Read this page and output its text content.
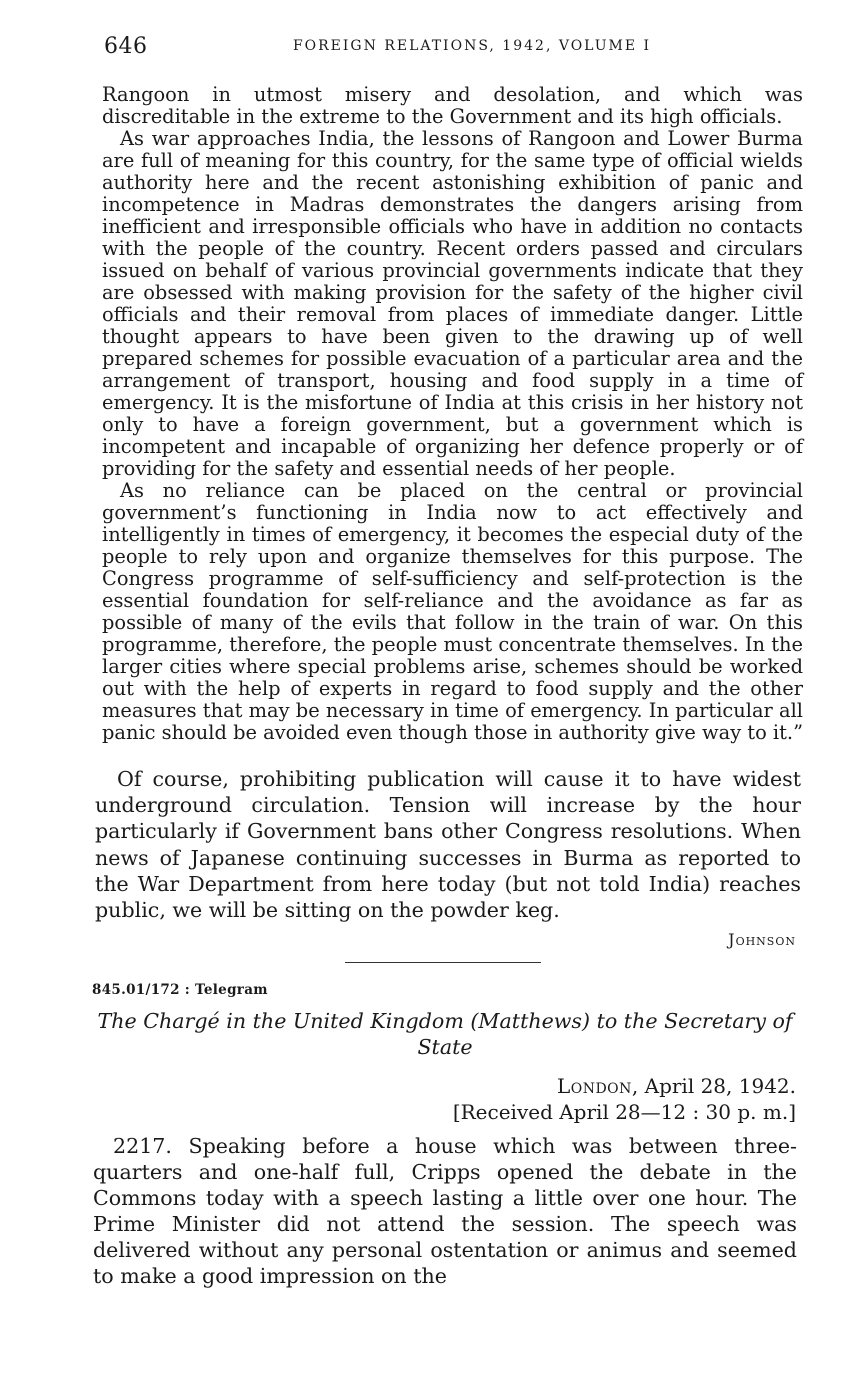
646	FOREIGN RELATIONS, 1942, VOLUME I

Rangoon in utmost misery and desolation, and which was discreditable in the extreme to the Government and its high officials.

As war approaches India, the lessons of Rangoon and Lower Burma are full of meaning for this country, for the same type of official wields authority here and the recent astonishing exhibition of panic and incompetence in Madras demonstrates the dangers arising from inefficient and irresponsible officials who have in addition no contacts with the people of the country. Recent orders passed and circulars issued on behalf of various provincial governments indicate that they are obsessed with making provision for the safety of the higher civil officials and their removal from places of immediate danger. Little thought appears to have been given to the drawing up of well prepared schemes for possible evacuation of a particular area and the arrangement of transport, housing and food supply in a time of emergency. It is the misfortune of India at this crisis in her history not only to have a foreign government, but a government which is incompetent and incapable of organizing her defence properly or of providing for the safety and essential needs of her people.

As no reliance can be placed on the central or provincial government’s functioning in India now to act effectively and intelligently in times of emergency, it becomes the especial duty of the people to rely upon and organize themselves for this purpose. The Congress programme of self-sufficiency and self-protection is the essential foundation for self-reliance and the avoidance as far as possible of many of the evils that follow in the train of war. On this programme, therefore, the people must concentrate themselves. In the larger cities where special problems arise, schemes should be worked out with the help of experts in regard to food supply and the other measures that may be necessary in time of emergency. In particular all panic should be avoided even though those in authority give way to it.”

Of course, prohibiting publication will cause it to have widest underground circulation. Tension will increase by the hour particularly if Government bans other Congress resolutions. When news of Japanese continuing successes in Burma as reported to the War Department from here today (but not told India) reaches public, we will be sitting on the powder keg.

Johnson
845.01/172 : Telegram
The Chargé in the United Kingdom (Matthews) to the Secretary of State
London, April 28, 1942.
[Received April 28—12 : 30 p. m.]

2217. Speaking before a house which was between three-quarters and one-half full, Cripps opened the debate in the Commons today with a speech lasting a little over one hour. The Prime Minister did not attend the session. The speech was delivered without any personal ostentation or animus and seemed to make a good impression on the
